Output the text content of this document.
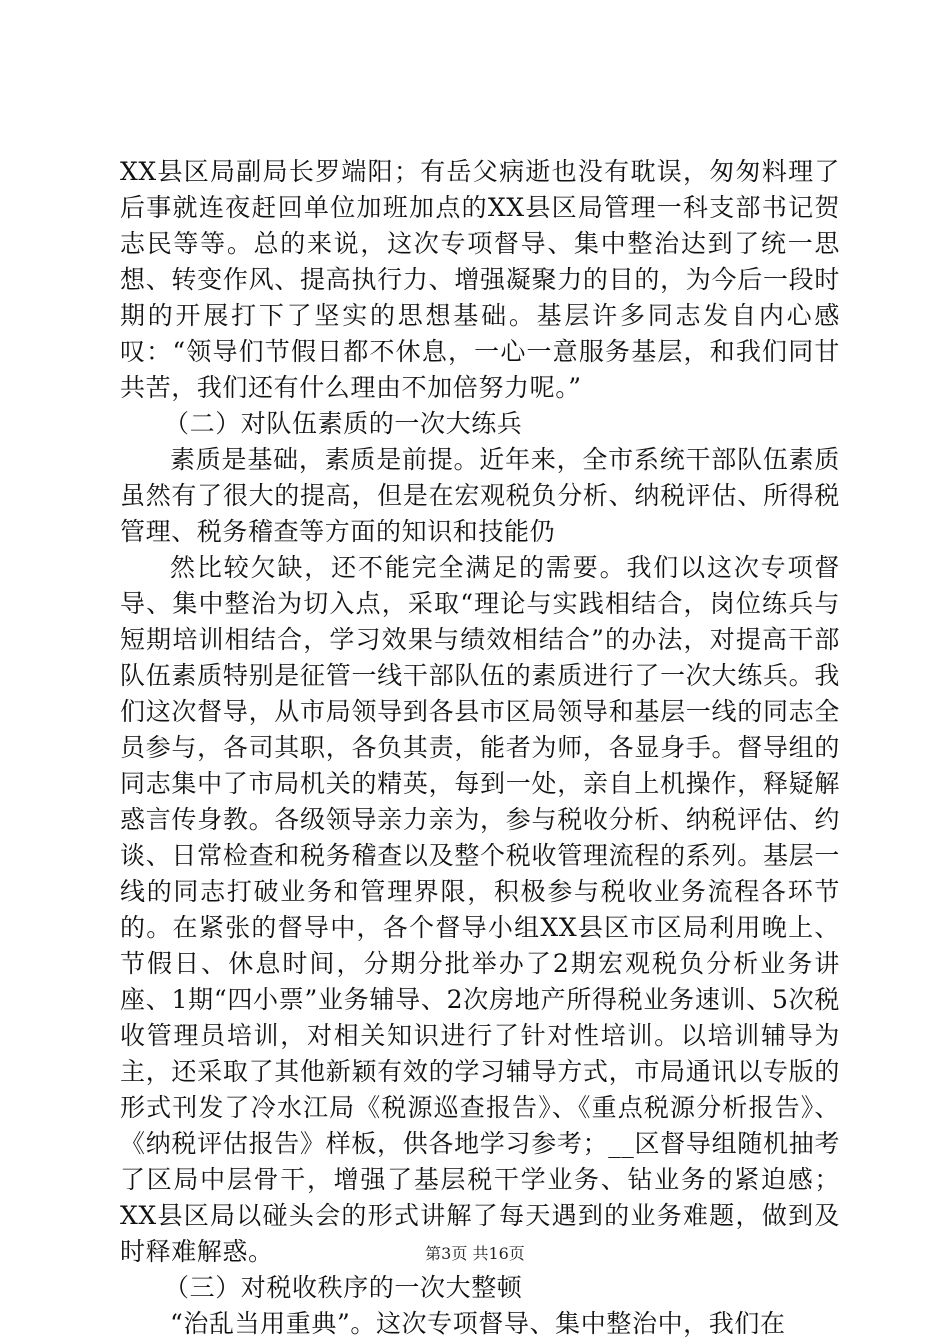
XX县区局副局长罗端阳；有岳父病逝也没有耽误，匆匆料理了后事就连夜赶回单位加班加点的XX县区局管理一科支部书记贺志民等等。总的来说，这次专项督导、集中整治达到了统一思想、转变作风、提高执行力、增强凝聚力的目的，为今后一段时期的开展打下了坚实的思想基础。基层许多同志发自内心感叹：“领导们节假日都不休息，一心一意服务基层，和我们同甘共苦，我们还有什么理由不加倍努力呢。”

（二）对队伍素质的一次大练兵

素质是基础，素质是前提。近年来，全市系统干部队伍素质虽然有了很大的提高，但是在宏观税负分析、纳税评估、所得税管理、税务稽查等方面的知识和技能仍

然比较欠缺，还不能完全满足的需要。我们以这次专项督导、集中整治为切入点，采取“理论与实践相结合，岗位练兵与短期培训相结合，学习效果与绩效相结合”的办法，对提高干部队伍素质特别是征管一线干部队伍的素质进行了一次大练兵。我们这次督导，从市局领导到各县市区局领导和基层一线的同志全员参与，各司其职，各负其责，能者为师，各显身手。督导组的同志集中了市局机关的精英，每到一处，亲自上机操作，释疑解惑言传身教。各级领导亲力亲为，参与税收分析、纳税评估、约谈、日常检查和税务稽查以及整个税收管理流程的系列。基层一线的同志打破业务和管理界限，积极参与税收业务流程各环节的。在紧张的督导中，各个督导小组XX县区市区局利用晚上、节假日、休息时间，分期分批举办了2期宏观税负分析业务讲座、1期“四小票”业务辅导、2次房地产所得税业务速训、5次税收管理员培训，对相关知识进行了针对性培训。以培训辅导为主，还采取了其他新颖有效的学习辅导方式，市局通讯以专版的形式刊发了冷水江局《税源巡查报告》、《重点税源分析报告》、《纳税评估报告》样板，供各地学习参考；__区督导组随机抽考了区局中层骨干，增强了基层税干学业务、钻业务的紧迫感；XX县区局以碰头会的形式讲解了每天遇到的业务难题，做到及时释难解惑。

（三）对税收秩序的一次大整顿

“治乱当用重典”。这次专项督导、集中整治中，我们在

第3页 共16页
